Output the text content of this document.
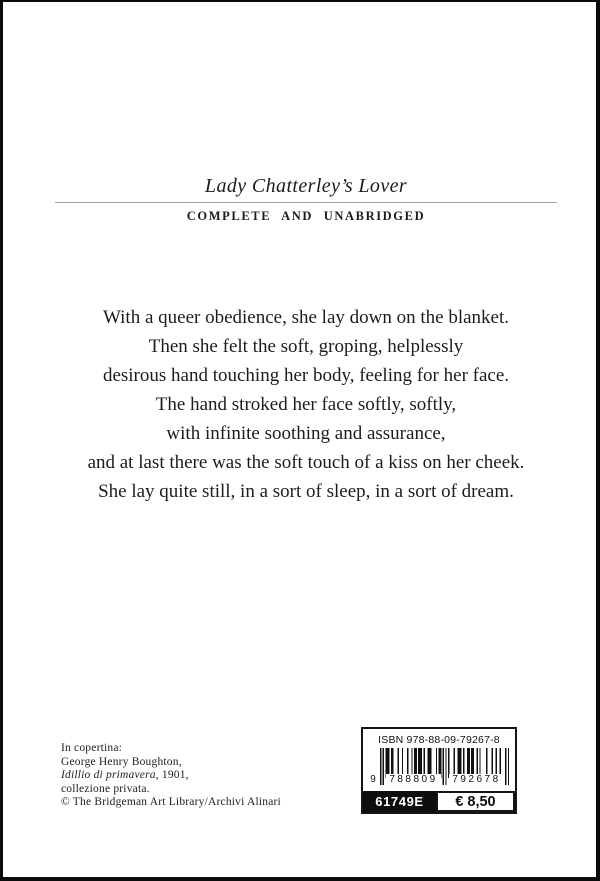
Lady Chatterley’s Lover
COMPLETE AND UNABRIDGED
With a queer obedience, she lay down on the blanket.
Then she felt the soft, groping, helplessly
desirous hand touching her body, feeling for her face.
The hand stroked her face softly, softly,
with infinite soothing and assurance,
and at last there was the soft touch of a kiss on her cheek.
She lay quite still, in a sort of sleep, in a sort of dream.
In copertina:
George Henry Boughton,
Idillio di primavera, 1901,
collezione privata.
© The Bridgeman Art Library/Archivi Alinari
ISBN 978-88-09-79267-8
9	788809	792678
61749E	€ 8,50
